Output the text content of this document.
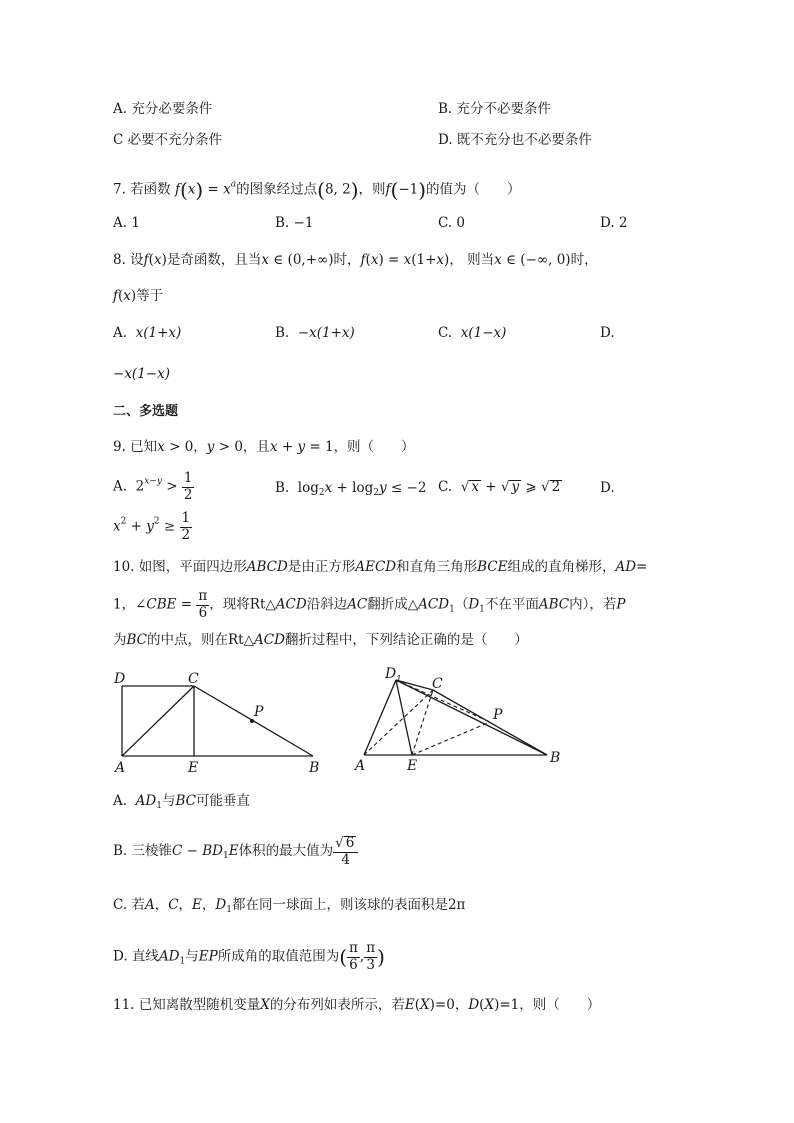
A. 充分必要条件	B. 充分不必要条件
C 必要不充分条件	D. 既不充分也不必要条件
7. 若函数 $f(x) = x^a$的图象经过点(8, 2)，则f(−1)的值为（　　）
A. 1	B. −1	C. 0	D. 2
8. 设f(x)是奇函数，且当x ∈ (0,+∞)时，f(x) = x(1+x)， 则当x ∈ (−∞, 0)时，
f(x)等于
A. x(1+x)	B. −x(1+x)	C. x(1−x)	D.
−x(1−x)
二、多选题
9. 已知x > 0，y > 0，且x + y = 1，则（　　）
A.  $2^{x-y} > \frac{1}{2}$	B.  $\log_2x + \log_2y \le -2$ C.  √ x + √ y ⩾ √ 2	D.
$x^2 + y^2 \ge \frac{1}{2}$
10. 如图，平面四边形ABCD是由正方形AECD和直角三角形BCE组成的直角梯形，AD=
1，∠CBE = $\frac{\pi}{6}$ ，现将Rt△ACD沿斜边AC翻折成$\triangle ACD_1(D_1$不在平面ABC内），若P
为BC的中点，则在Rt△ACD翻折过程中，下列结论正确的是（　　）
D	C
P
A	E	B
D 1 C
P
A	E	B
A. $AD_1$与BC可能垂直
B. 三棱锥$C - BD_1E$体积的最大值为 $\frac{√ 6}{4}$
C. 若A，C，E，$D_1$都在同一球面上，则该球的表面积是2π
D. 直线$AD_1$与EP所成角的取值范围为( $\frac{\pi}{6}$ , $\frac{\pi}{3}$ )
11. 已知离散型随机变量X的分布列如表所示，若E(X)=0，D(X)=1，则（　　）
